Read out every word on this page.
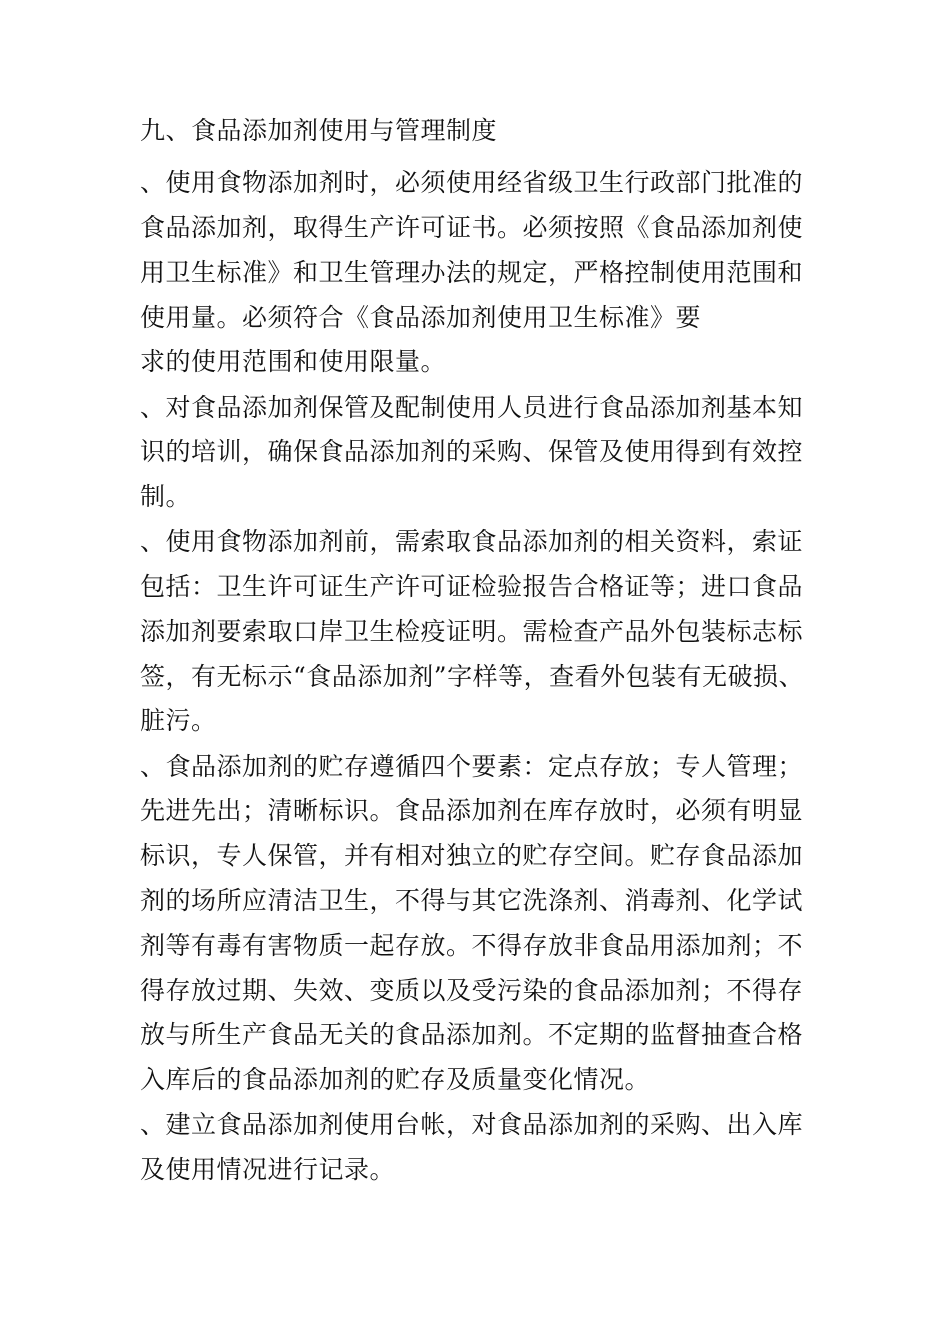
九、食品添加剂使用与管理制度
、使用食物添加剂时，必须使用经省级卫生行政部门批准的
食品添加剂，取得生产许可证书。必须按照《食品添加剂使
用卫生标准》和卫生管理办法的规定，严格控制使用范围和
使用量。必须符合《食品添加剂使用卫生标准》要
求的使用范围和使用限量。
、对食品添加剂保管及配制使用人员进行食品添加剂基本知
识的培训，确保食品添加剂的采购、保管及使用得到有效控
制。
、使用食物添加剂前，需索取食品添加剂的相关资料，索证
包括：卫生许可证生产许可证检验报告合格证等；进口食品
添加剂要索取口岸卫生检疫证明。需检查产品外包装标志标
签，有无标示“食品添加剂”字样等，查看外包装有无破损、
脏污。
、食品添加剂的贮存遵循四个要素：定点存放；专人管理；
先进先出；清晰标识。食品添加剂在库存放时，必须有明显
标识，专人保管，并有相对独立的贮存空间。贮存食品添加
剂的场所应清洁卫生，不得与其它洗涤剂、消毒剂、化学试
剂等有毒有害物质一起存放。不得存放非食品用添加剂；不
得存放过期、失效、变质以及受污染的食品添加剂；不得存
放与所生产食品无关的食品添加剂。不定期的监督抽查合格
入库后的食品添加剂的贮存及质量变化情况。
、建立食品添加剂使用台帐，对食品添加剂的采购、出入库
及使用情况进行记录。
